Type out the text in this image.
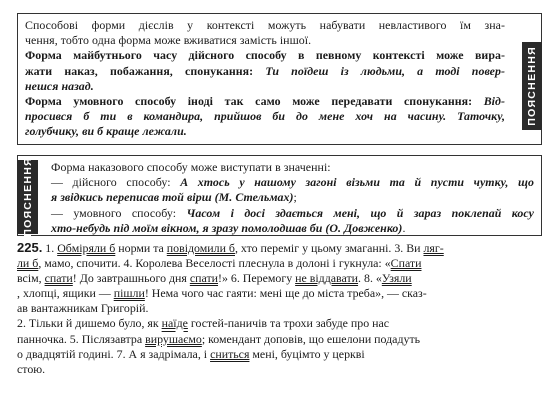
Способові форми дієслів у контексті можуть набувати невластивого їм зна-
чення, тобто одна форма може вживатися замість іншої.
Форма майбутнього часу дійсного способу в певному контексті може вира-
жати наказ, побажання, спонукання: Ти поїдеш із людьми, а тоді повер-
нешся назад.
Форма умовного способу іноді так само може передавати спонукання: Від-
просився б ти в командира, прийшов би до мене хоч на часину. Таточку,
голубчику, ви б краще лежали.
ПОЯСНЕННЯ
ПОЯСНЕННЯ Форма наказового способу може виступати в значенні:
— дійсного способу: А хтось у нашому загоні візьми та й пусти чутку, що
я звідкись переписав той вірш (М. Стельмах);
— умовного способу: Часом і досі здається мені, що й зараз поклепай косу
хто-небудь під моїм вікном, я зразу помолодшав би (О. Довженко).
225. 1. Обміряли б норми та повідомили б, хто переміг у цьому змаганні. 3. Ви ляг-
ли б, мамо, спочити. 4. Королева Веселості плеснула в долоні і гукнула: «Спати
всім, спати! До завтрашнього дня спати!» 6. Перемогу не віддавати. 8. «Узяли
, хлопці, ящики — пішли! Нема чого час гаяти: мені ще до міста треба», — сказ-
ав вантажникам Григорій.
2. Тільки й дишемо було, як наїде гостей-паничів та трохи забуде про нас
панночка. 5. Післязавтра вирушаємо; комендант доповів, що ешелони подадуть
о двадцятій годині. 7. А я задрімала, і сниться мені, буцімто у церкві
стою.
